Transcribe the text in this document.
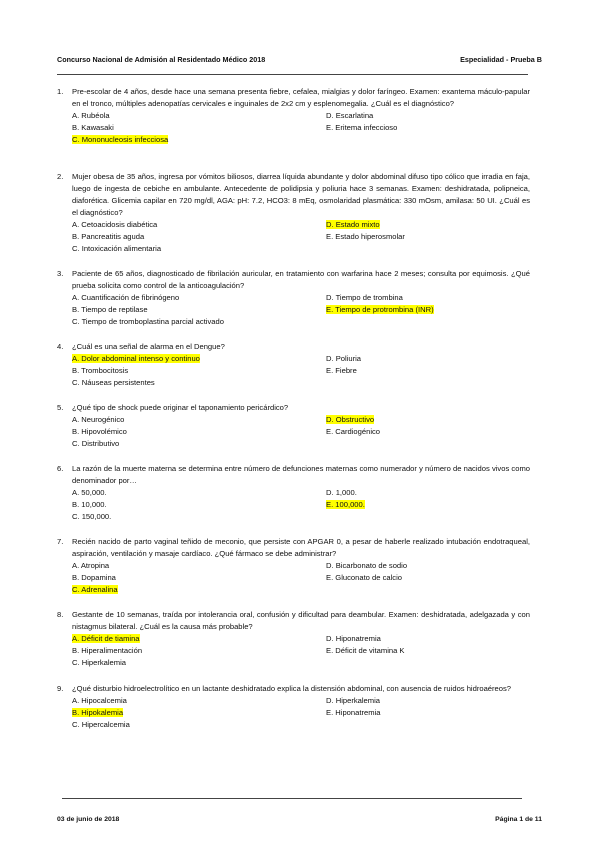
Concurso Nacional de Admisión al Residentado Médico 2018	Especialidad - Prueba B
1.	Pre-escolar de 4 años, desde hace una semana presenta fiebre, cefalea, mialgias y dolor faríngeo. Examen: exantema máculo-papular en el tronco, múltiples adenopatías cervicales e inguinales de 2x2 cm y esplenomegalia. ¿Cuál es el diagnóstico?
A. Rubéola	D. Escarlatina
B. Kawasaki	E. Eritema infeccioso
C. Mononucleosis infecciosa
2.	Mujer obesa de 35 años, ingresa por vómitos biliosos, diarrea líquida abundante y dolor abdominal difuso tipo cólico que irradia en faja, luego de ingesta de cebiche en ambulante. Antecedente de polidipsia y poliuria hace 3 semanas. Examen: deshidratada, polipneica, diaforética. Glicemia capilar en 720 mg/dl, AGA: pH: 7.2, HCO3: 8 mEq, osmolaridad plasmática: 330 mOsm, amilasa: 50 UI. ¿Cuál es el diagnóstico?
A. Cetoacidosis diabética	D. Estado mixto
B. Pancreatitis aguda	E. Estado hiperosmolar
C. Intoxicación alimentaria
3.	Paciente de 65 años, diagnosticado de fibrilación auricular, en tratamiento con warfarina hace 2 meses; consulta por equimosis. ¿Qué prueba solicita como control de la anticoagulación?
A. Cuantificación de fibrinógeno	D. Tiempo de trombina
B. Tiempo de reptilase	E. Tiempo de protrombina (INR)
C. Tiempo de tromboplastina parcial activado
4.	¿Cuál es una señal de alarma en el Dengue?
A. Dolor abdominal intenso y continuo	D. Poliuria
B. Trombocitosis	E. Fiebre
C. Náuseas persistentes
5.	¿Qué tipo de shock puede originar el taponamiento pericárdico?
A. Neurogénico	D. Obstructivo
B. Hipovolémico	E. Cardiogénico
C. Distributivo
6.	La razón de la muerte materna se determina entre número de defunciones maternas como numerador y número de nacidos vivos como denominador por…
A. 50,000.	D. 1,000.
B. 10,000.	E. 100,000.
C. 150,000.
7.	Recién nacido de parto vaginal teñido de meconio, que persiste con APGAR 0, a pesar de haberle realizado intubación endotraqueal, aspiración, ventilación y masaje cardíaco. ¿Qué fármaco se debe administrar?
A. Atropina	D. Bicarbonato de sodio
B. Dopamina	E. Gluconato de calcio
C. Adrenalina
8.	Gestante de 10 semanas, traída por intolerancia oral, confusión y dificultad para deambular. Examen: deshidratada, adelgazada y con nistagmus bilateral. ¿Cuál es la causa más probable?
A. Déficit de tiamina	D. Hiponatremia
B. Hiperalimentación	E. Déficit de vitamina K
C. Hiperkalemia
9.	¿Qué disturbio hidroelectrolítico en un lactante deshidratado explica la distensión abdominal, con ausencia de ruidos hidroaéreos?
A. Hipocalcemia	D. Hiperkalemia
B. Hipokalemia	E. Hiponatremia
C. Hipercalcemia
03 de junio de 2018	Página 1 de 11
